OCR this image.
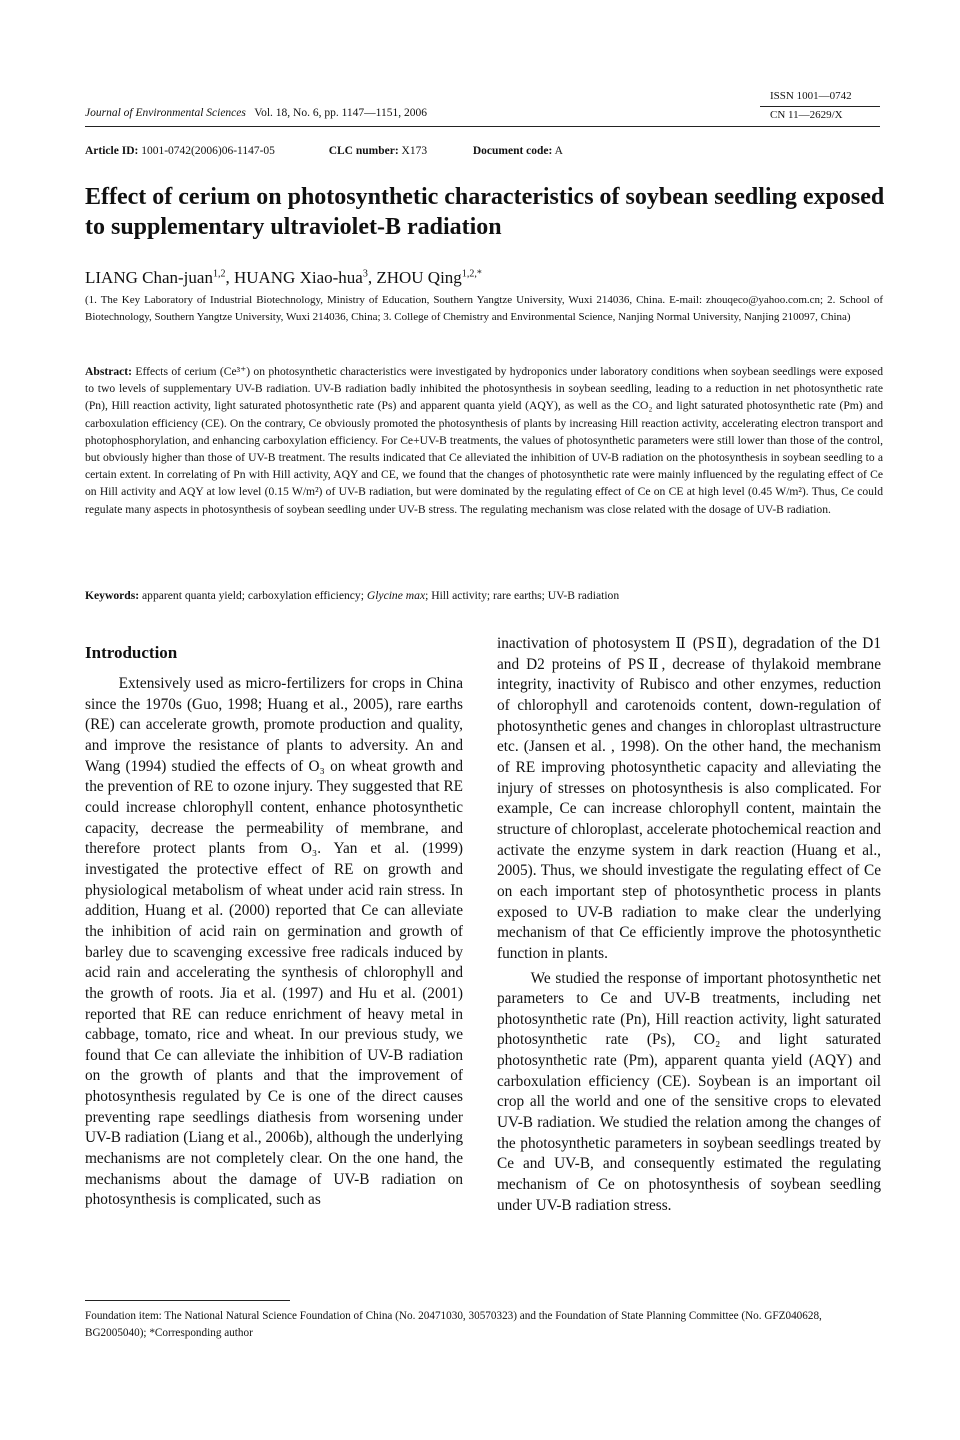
Journal of Environmental Sciences Vol. 18, No. 6, pp. 1147—1151, 2006
ISSN 1001—0742
CN 11—2629/X
Article ID: 1001-0742(2006)06-1147-05	CLC number: X173	Document code: A
Effect of cerium on photosynthetic characteristics of soybean seedling exposed to supplementary ultraviolet-B radiation
LIANG Chan-juan$^{1,2}$, HUANG Xiao-hua$^3$, ZHOU Qing$^{1,2,*}$
(1. The Key Laboratory of Industrial Biotechnology, Ministry of Education, Southern Yangtze University, Wuxi 214036, China. E-mail: zhouqeco@yahoo.com.cn; 2. School of Biotechnology, Southern Yangtze University, Wuxi 214036, China; 3. College of Chemistry and Environmental Science, Nanjing Normal University, Nanjing 210097, China)
Abstract: Effects of cerium (Ce³⁺) on photosynthetic characteristics were investigated by hydroponics under laboratory conditions when soybean seedlings were exposed to two levels of supplementary UV-B radiation. UV-B radiation badly inhibited the photosynthesis in soybean seedling, leading to a reduction in net photosynthetic rate (Pn), Hill reaction activity, light saturated photosynthetic rate (Ps) and apparent quanta yield (AQY), as well as the CO₂ and light saturated photosynthetic rate (Pm) and carboxulation efficiency (CE). On the contrary, Ce obviously promoted the photosynthesis of plants by increasing Hill reaction activity, accelerating electron transport and photophosphorylation, and enhancing carboxylation efficiency. For Ce+UV-B treatments, the values of photosynthetic parameters were still lower than those of the control, but obviously higher than those of UV-B treatment. The results indicated that Ce alleviated the inhibition of UV-B radiation on the photosynthesis in soybean seedling to a certain extent. In correlating of Pn with Hill activity, AQY and CE, we found that the changes of photosynthetic rate were mainly influenced by the regulating effect of Ce on Hill activity and AQY at low level (0.15 W/m²) of UV-B radiation, but were dominated by the regulating effect of Ce on CE at high level (0.45 W/m²). Thus, Ce could regulate many aspects in photosynthesis of soybean seedling under UV-B stress. The regulating mechanism was close related with the dosage of UV-B radiation.
Keywords: apparent quanta yield; carboxylation efficiency; Glycine max; Hill activity; rare earths; UV-B radiation
Introduction

Extensively used as micro-fertilizers for crops in China since the 1970s (Guo, 1998; Huang et al., 2005), rare earths (RE) can accelerate growth, promote production and quality, and improve the resistance of plants to adversity. An and Wang (1994) studied the effects of O₃ on wheat growth and the prevention of RE to ozone injury. They suggested that RE could increase chlorophyll content, enhance photosynthetic capacity, decrease the permeability of membrane, and therefore protect plants from O₃. Yan et al. (1999) investigated the protective effect of RE on growth and physiological metabolism of wheat under acid rain stress. In addition, Huang et al. (2000) reported that Ce can alleviate the inhibition of acid rain on germination and growth of barley due to scavenging excessive free radicals induced by acid rain and accelerating the synthesis of chlorophyll and the growth of roots. Jia et al. (1997) and Hu et al. (2001) reported that RE can reduce enrichment of heavy metal in cabbage, tomato, rice and wheat. In our previous study, we found that Ce can alleviate the inhibition of UV-B radiation on the growth of plants and that the improvement of photosynthesis regulated by Ce is one of the direct causes preventing rape seedlings diathesis from worsening under UV-B radiation (Liang et al., 2006b), although the underlying mechanisms are not completely clear. On the one hand, the mechanisms about the damage of UV-B radiation on photosynthesis is complicated, such as

inactivation of photosystem Ⅱ (PSⅡ), degradation of the D1 and D2 proteins of PSⅡ, decrease of thylakoid membrane integrity, inactivity of Rubisco and other enzymes, reduction of chlorophyll and carotenoids content, down-regulation of photosynthetic genes and changes in chloroplast ultrastructure etc. (Jansen et al. , 1998). On the other hand, the mechanism of RE improving photosynthetic capacity and alleviating the injury of stresses on photosynthesis is also complicated. For example, Ce can increase chlorophyll content, maintain the structure of chloroplast, accelerate photochemical reaction and activate the enzyme system in dark reaction (Huang et al., 2005). Thus, we should investigate the regulating effect of Ce on each important step of photosynthetic process in plants exposed to UV-B radiation to make clear the underlying mechanism of that Ce efficiently improve the photosynthetic function in plants.

We studied the response of important photosynthetic net parameters to Ce and UV-B treatments, including net photosynthetic rate (Pn), Hill reaction activity, light saturated photosynthetic rate (Ps), CO₂ and light saturated photosynthetic rate (Pm), apparent quanta yield (AQY) and carboxulation efficiency (CE). Soybean is an important oil crop all the world and one of the sensitive crops to elevated UV-B radiation. We studied the relation among the changes of the photosynthetic parameters in soybean seedlings treated by Ce and UV-B, and consequently estimated the regulating mechanism of Ce on photosynthesis of soybean seedling under UV-B radiation stress.

Foundation item: The National Natural Science Foundation of China (No. 20471030, 30570323) and the Foundation of State Planning Committee (No. GFZ040628, BG2005040); *Corresponding author
